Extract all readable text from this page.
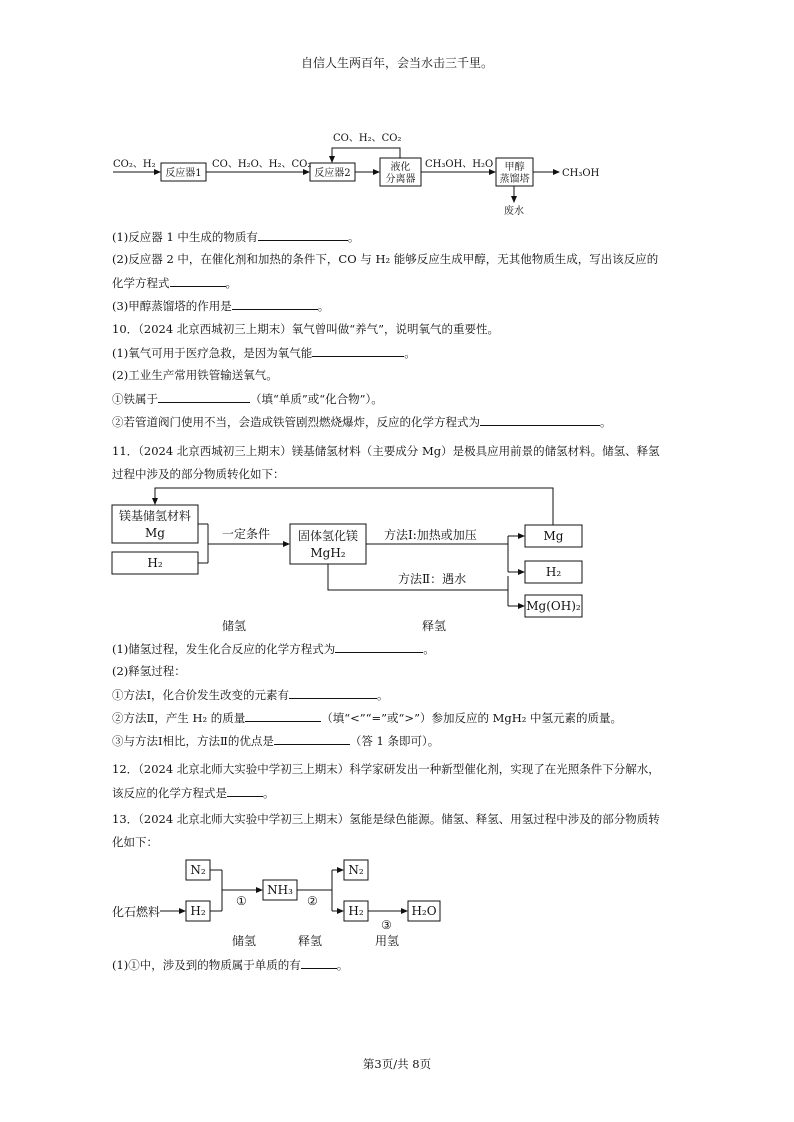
自信人生两百年，会当水击三千里。
CO₂、H₂
反应器1
CO、H₂O、H₂、CO₂
反应器2
液化
分离器
CO、H₂、CO₂
CH₃OH、H₂O 甲醇
蒸馏塔
CH₃OH
废水
镁基储氢材料
Mg
H₂
一定条件 固体氢化镁
MgH₂
方法Ⅰ:加热或加压
方法Ⅱ：遇水
Mg
H₂
Mg(OH)₂
储氢	释氢
N₂
化石燃料	H₂
①
NH₃
②
N₂
H₂
③
H₂O
储氢	释氢	用氢
(1)反应器 1 中生成的物质有	。
(2)反应器 2 中，在催化剂和加热的条件下，CO 与 H₂ 能够反应生成甲醇，无其他物质生成，写出该反应的
化学方程式	。
(3)甲醇蒸馏塔的作用是	。
10．（2024 北京西城初三上期末）氧气曾叫做“养气”，说明氧气的重要性。
(1)氧气可用于医疗急救，是因为氧气能	。
(2)工业生产常用铁管输送氧气。
①铁属于	（填“单质”或“化合物”）。
②若管道阀门使用不当，会造成铁管剧烈燃烧爆炸，反应的化学方程式为	。
11．（2024 北京西城初三上期末）镁基储氢材料（主要成分 Mg）是极具应用前景的储氢材料。储氢、释氢
过程中涉及的部分物质转化如下：
(1)储氢过程，发生化合反应的化学方程式为	。
(2)释氢过程：
①方法Ⅰ，化合价发生改变的元素有	。
②方法Ⅱ，产生 H₂ 的质量	（填“<”“=”或“>”）参加反应的 MgH₂ 中氢元素的质量。
③与方法Ⅰ相比，方法Ⅱ的优点是	（答 1 条即可）。
12．（2024 北京北师大实验中学初三上期末）科学家研发出一种新型催化剂，实现了在光照条件下分解水，
该反应的化学方程式是	。
13．（2024 北京北师大实验中学初三上期末）氢能是绿色能源。储氢、释氢、用氢过程中涉及的部分物质转
化如下：
(1)①中，涉及到的物质属于单质的有	。
第3页/共 8页
